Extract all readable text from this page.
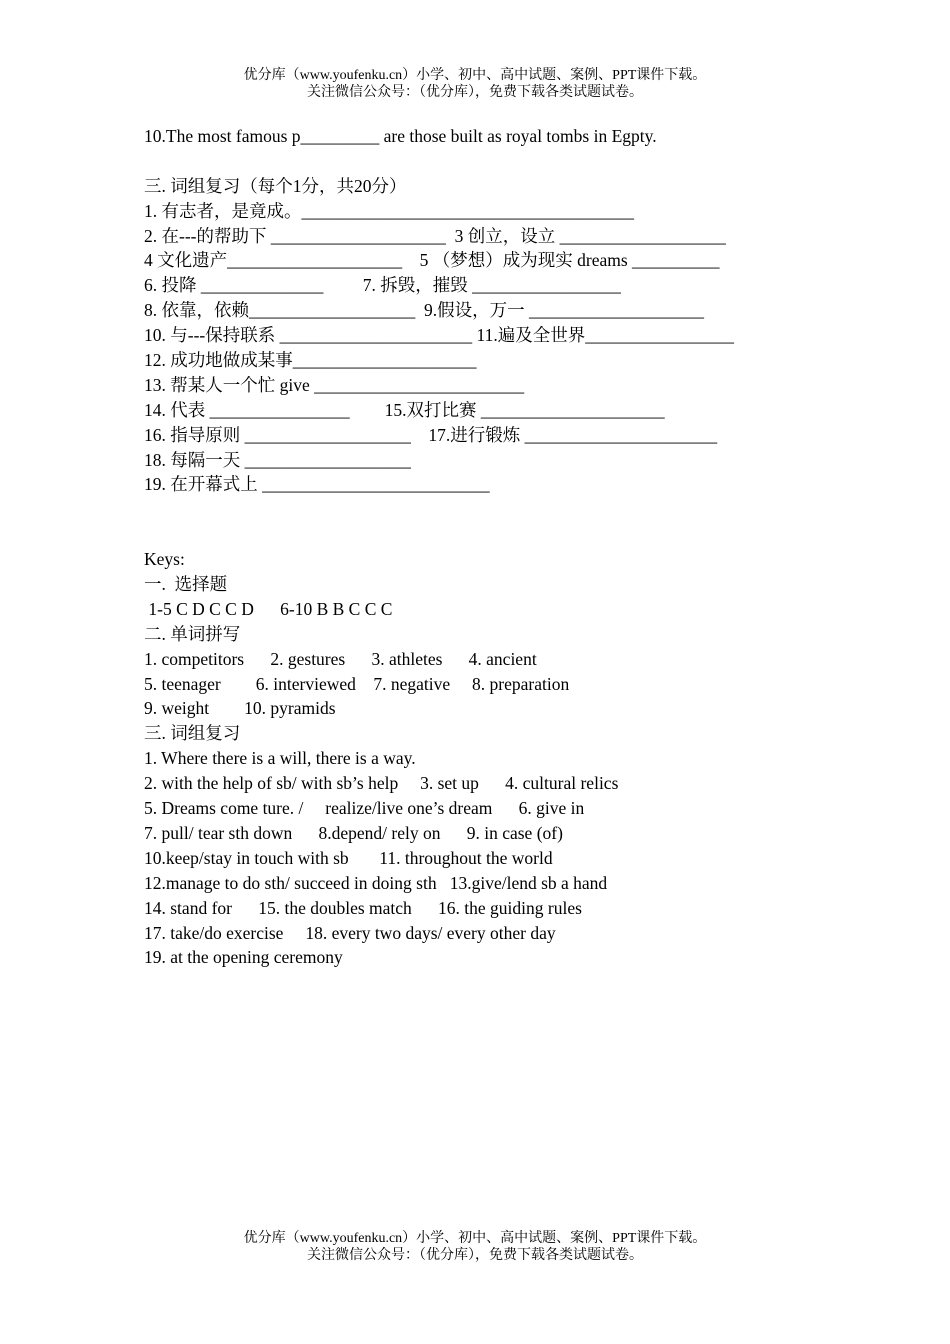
优分库（www.youfenku.cn）小学、初中、高中试题、案例、PPT课件下载。
关注微信公众号：（优分库），免费下载各类试题试卷。
10.The most famous p_________ are those built as royal tombs in Egpty.
三. 词组复习（每个1分，共20分）
1. 有志者，是竟成。______________________________________
2. 在---的帮助下 ____________________  3 创立，设立 ___________________
4 文化遗产____________________    5 （梦想）成为现实 dreams __________
6. 投降 ______________         7. 拆毁，摧毁 _________________
8. 依靠，依赖___________________  9.假设，万一 ____________________
10. 与---保持联系 ______________________ 11.遍及全世界_________________
12. 成功地做成某事_____________________
13. 帮某人一个忙 give ________________________
14. 代表 ________________        15.双打比赛 _____________________
16. 指导原则 ___________________    17.进行锻炼 ______________________
18. 每隔一天 ___________________
19. 在开幕式上 __________________________
Keys:
一.  选择题
1-5 C D C C D      6-10 B B C C C
二. 单词拼写
1. competitors      2. gestures      3. athletes      4. ancient
5. teenager        6. interviewed    7. negative     8. preparation
9. weight        10. pyramids
三. 词组复习
1. Where there is a will, there is a way.
2. with the help of sb/ with sb’s help     3. set up      4. cultural relics
5. Dreams come ture. /     realize/live one’s dream      6. give in
7. pull/ tear sth down      8.depend/ rely on      9. in case (of)
10.keep/stay in touch with sb       11. throughout the world
12.manage to do sth/ succeed in doing sth   13.give/lend sb a hand
14. stand for      15. the doubles match      16. the guiding rules
17. take/do exercise     18. every two days/ every other day
19. at the opening ceremony
优分库（www.youfenku.cn）小学、初中、高中试题、案例、PPT课件下载。
关注微信公众号：（优分库），免费下载各类试题试卷。
